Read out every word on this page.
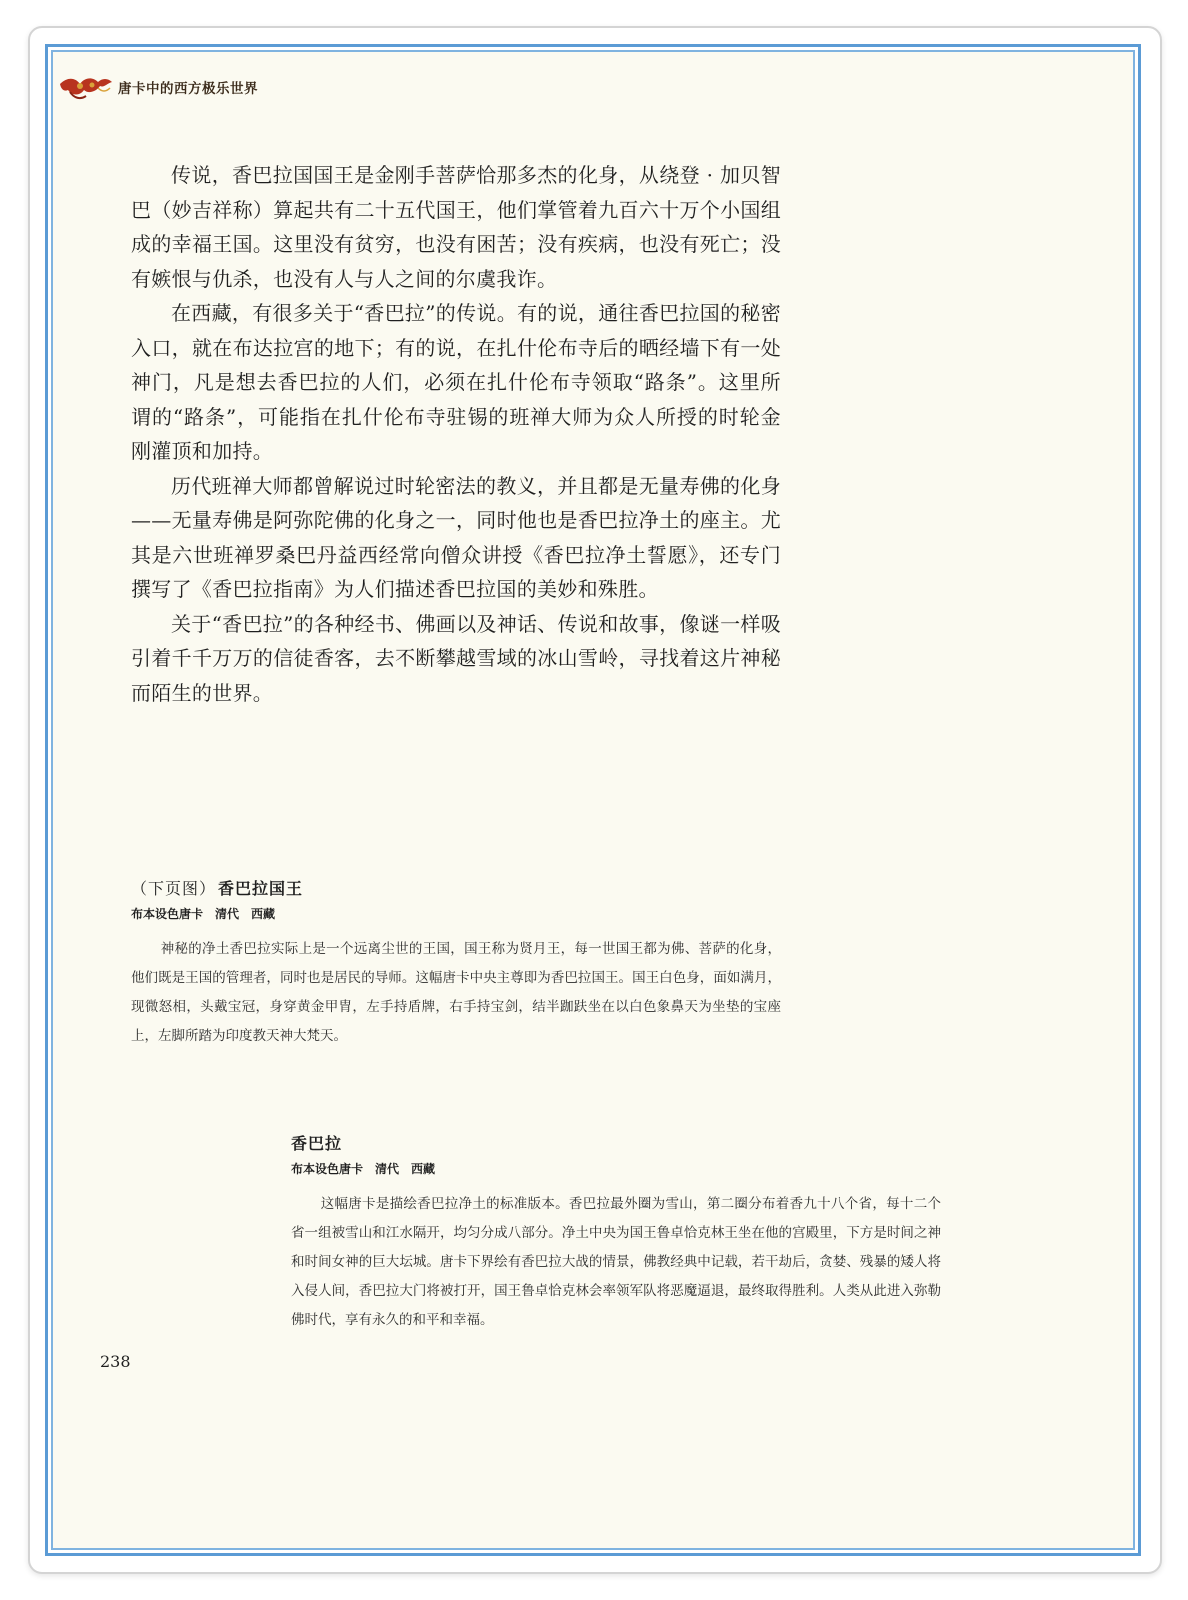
唐卡中的西方极乐世界

传说，香巴拉国国王是金刚手菩萨恰那多杰的化身，从绕登 · 加贝智巴（妙吉祥称）算起共有二十五代国王，他们掌管着九百六十万个小国组成的幸福王国。这里没有贫穷，也没有困苦；没有疾病，也没有死亡；没有嫉恨与仇杀，也没有人与人之间的尔虞我诈。

在西藏，有很多关于“香巴拉”的传说。有的说，通往香巴拉国的秘密入口，就在布达拉宫的地下；有的说，在扎什伦布寺后的晒经墙下有一处神门，凡是想去香巴拉的人们，必须在扎什伦布寺领取“路条”。这里所谓的“路条”，可能指在扎什伦布寺驻锡的班禅大师为众人所授的时轮金刚灌顶和加持。

历代班禅大师都曾解说过时轮密法的教义，并且都是无量寿佛的化身——无量寿佛是阿弥陀佛的化身之一，同时他也是香巴拉净土的座主。尤其是六世班禅罗桑巴丹益西经常向僧众讲授《香巴拉净土誓愿》，还专门撰写了《香巴拉指南》为人们描述香巴拉国的美妙和殊胜。

关于“香巴拉”的各种经书、佛画以及神话、传说和故事，像谜一样吸引着千千万万的信徒香客，去不断攀越雪域的冰山雪岭，寻找着这片神秘而陌生的世界。

（下页图） 香巴拉国王

布本设色唐卡　清代　西藏

神秘的净土香巴拉实际上是一个远离尘世的王国，国王称为贤月王，每一世国王都为佛、菩萨的化身，他们既是王国的管理者，同时也是居民的导师。这幅唐卡中央主尊即为香巴拉国王。国王白色身，面如满月，现微怒相，头戴宝冠，身穿黄金甲胄，左手持盾牌，右手持宝剑，结半跏趺坐在以白色象鼻天为坐垫的宝座上，左脚所踏为印度教天神大梵天。

香巴拉

布本设色唐卡　清代　西藏

这幅唐卡是描绘香巴拉净土的标准版本。香巴拉最外圈为雪山，第二圈分布着香九十八个省，每十二个省一组被雪山和江水隔开，均匀分成八部分。净土中央为国王鲁卓恰克林王坐在他的宫殿里，下方是时间之神和时间女神的巨大坛城。唐卡下界绘有香巴拉大战的情景，佛教经典中记载，若干劫后，贪婪、残暴的矮人将入侵人间，香巴拉大门将被打开，国王鲁卓恰克林会率领军队将恶魔逼退，最终取得胜利。人类从此进入弥勒佛时代，享有永久的和平和幸福。

238
